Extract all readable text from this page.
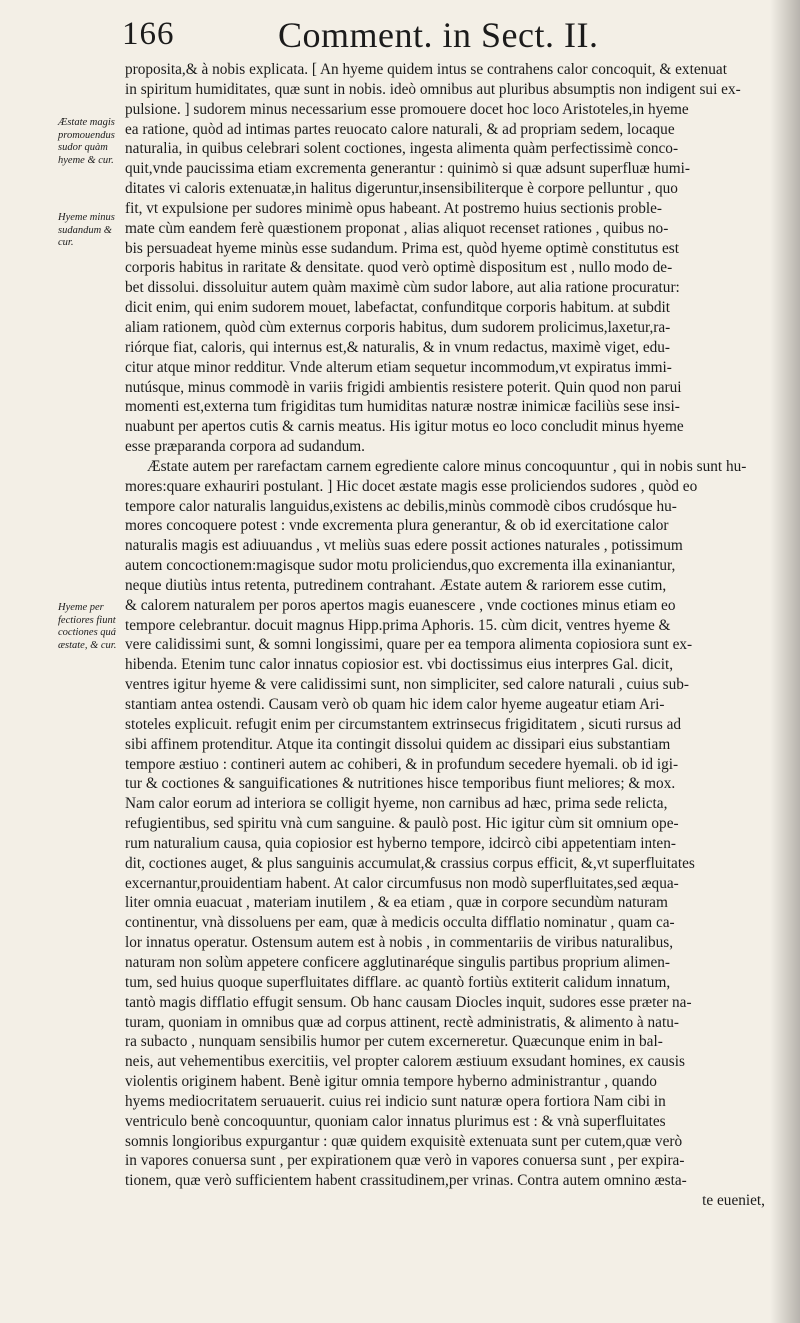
166	Comment. in Sect. II.
Æstate magis promouendus sudor quàm hyeme & cur.
Hyeme minus sudandum & cur.
Hyeme per fectiores fiunt coctiones quá æstate, & cur.
proposita,& à nobis explicata. [ An hyeme quidem intus se contrahens calor concoquit, & extenuat
in spiritum humiditates, quæ sunt in nobis. ideò omnibus aut pluribus absumptis non indigent sui ex-
pulsione. ] sudorem minus necessarium esse promouere docet hoc loco Aristoteles,in hyeme
ea ratione, quòd ad intimas partes reuocato calore naturali, & ad propriam sedem, locaque
naturalia, in quibus celebrari solent coctiones, ingesta alimenta quàm perfectissimè conco-
quit,vnde paucissima etiam excrementa generantur : quinimò si quæ adsunt superfluæ humi-
ditates vi caloris extenuatæ,in halitus digeruntur,insensibiliterque è corpore pelluntur , quo
fit, vt expulsione per sudores minimè opus habeant. At postremo huius sectionis proble-
mate cùm eandem ferè quæstionem proponat , alias aliquot recenset rationes , quibus no-
bis persuadeat hyeme minùs esse sudandum. Prima est, quòd hyeme optimè constitutus est
corporis habitus in raritate & densitate. quod verò optimè dispositum est , nullo modo de-
bet dissolui. dissoluitur autem quàm maximè cùm sudor labore, aut alia ratione procuratur:
dicit enim, qui enim sudorem mouet, labefactat, confunditque corporis habitum. at subdit
aliam rationem, quòd cùm externus corporis habitus, dum sudorem prolicimus,laxetur,ra-
riórque fiat, caloris, qui internus est,& naturalis, & in vnum redactus, maximè viget, edu-
citur atque minor redditur. Vnde alterum etiam sequetur incommodum,vt expiratus immi-
nutúsque, minus commodè in variis frigidi ambientis resistere poterit. Quin quod non parui
momenti est,externa tum frigiditas tum humiditas naturæ nostræ inimicæ faciliùs sese insi-
nuabunt per apertos cutis & carnis meatus. His igitur motus eo loco concludit minus hyeme
esse præparanda corpora ad sudandum.
Æstate autem per rarefactam carnem egrediente calore minus concoquuntur , qui in nobis sunt hu-
mores:quare exhauriri postulant. ] Hic docet æstate magis esse proliciendos sudores , quòd eo
tempore calor naturalis languidus,existens ac debilis,minùs commodè cibos crudósque hu-
mores concoquere potest : vnde excrementa plura generantur, & ob id exercitatione calor
naturalis magis est adiuuandus , vt meliùs suas edere possit actiones naturales , potissimum
autem concoctionem:magisque sudor motu proliciendus,quo excrementa illa exinaniantur,
neque diutiùs intus retenta, putredinem contrahant. Æstate autem & rariorem esse cutim,
& calorem naturalem per poros apertos magis euanescere , vnde coctiones minus etiam eo
tempore celebrantur. docuit magnus Hipp.prima Aphoris. 15. cùm dicit, ventres hyeme &
vere calidissimi sunt, & somni longissimi, quare per ea tempora alimenta copiosiora sunt ex-
hibenda. Etenim tunc calor innatus copiosior est. vbi doctissimus eius interpres Gal. dicit,
ventres igitur hyeme & vere calidissimi sunt, non simpliciter, sed calore naturali , cuius sub-
stantiam antea ostendi. Causam verò ob quam hic idem calor hyeme augeatur etiam Ari-
stoteles explicuit. refugit enim per circumstantem extrinsecus frigiditatem , sicuti rursus ad
sibi affinem protenditur. Atque ita contingit dissolui quidem ac dissipari eius substantiam
tempore æstiuo : contineri autem ac cohiberi, & in profundum secedere hyemali. ob id igi-
tur & coctiones & sanguificationes & nutritiones hisce temporibus fiunt meliores; & mox.
Nam calor eorum ad interiora se colligit hyeme, non carnibus ad hæc, prima sede relicta,
refugientibus, sed spiritu vnà cum sanguine. & paulò post. Hic igitur cùm sit omnium ope-
rum naturalium causa, quia copiosior est hyberno tempore, idcircò cibi appetentiam inten-
dit, coctiones auget, & plus sanguinis accumulat,& crassius corpus efficit, &,vt superfluitates
excernantur,prouidentiam habent. At calor circumfusus non modò superfluitates,sed æqua-
liter omnia euacuat , materiam inutilem , & ea etiam , quæ in corpore secundùm naturam
continentur, vnà dissoluens per eam, quæ à medicis occulta difflatio nominatur , quam ca-
lor innatus operatur. Ostensum autem est à nobis , in commentariis de viribus naturalibus,
naturam non solùm appetere conficere agglutinaréque singulis partibus proprium alimen-
tum, sed huius quoque superfluitates difflare. ac quantò fortiùs extiterit calidum innatum,
tantò magis difflatio effugit sensum. Ob hanc causam Diocles inquit, sudores esse præter na-
turam, quoniam in omnibus quæ ad corpus attinent, rectè administratis, & alimento à natu-
ra subacto , nunquam sensibilis humor per cutem excerneretur. Quæcunque enim in bal-
neis, aut vehementibus exercitiis, vel propter calorem æstiuum exsudant homines, ex causis
violentis originem habent. Benè igitur omnia tempore hyberno administrantur , quando
hyems mediocritatem seruauerit. cuius rei indicio sunt naturæ opera fortiora Nam cibi in
ventriculo benè concoquuntur, quoniam calor innatus plurimus est : & vnà superfluitates
somnis longioribus expurgantur : quæ quidem exquisitè extenuata sunt per cutem,quæ verò
in vapores conuersa sunt , per expirationem quæ verò in vapores conuersa sunt , per expira-
tionem, quæ verò sufficientem habent crassitudinem,per vrinas. Contra autem omnino æsta-
te eueniet,
